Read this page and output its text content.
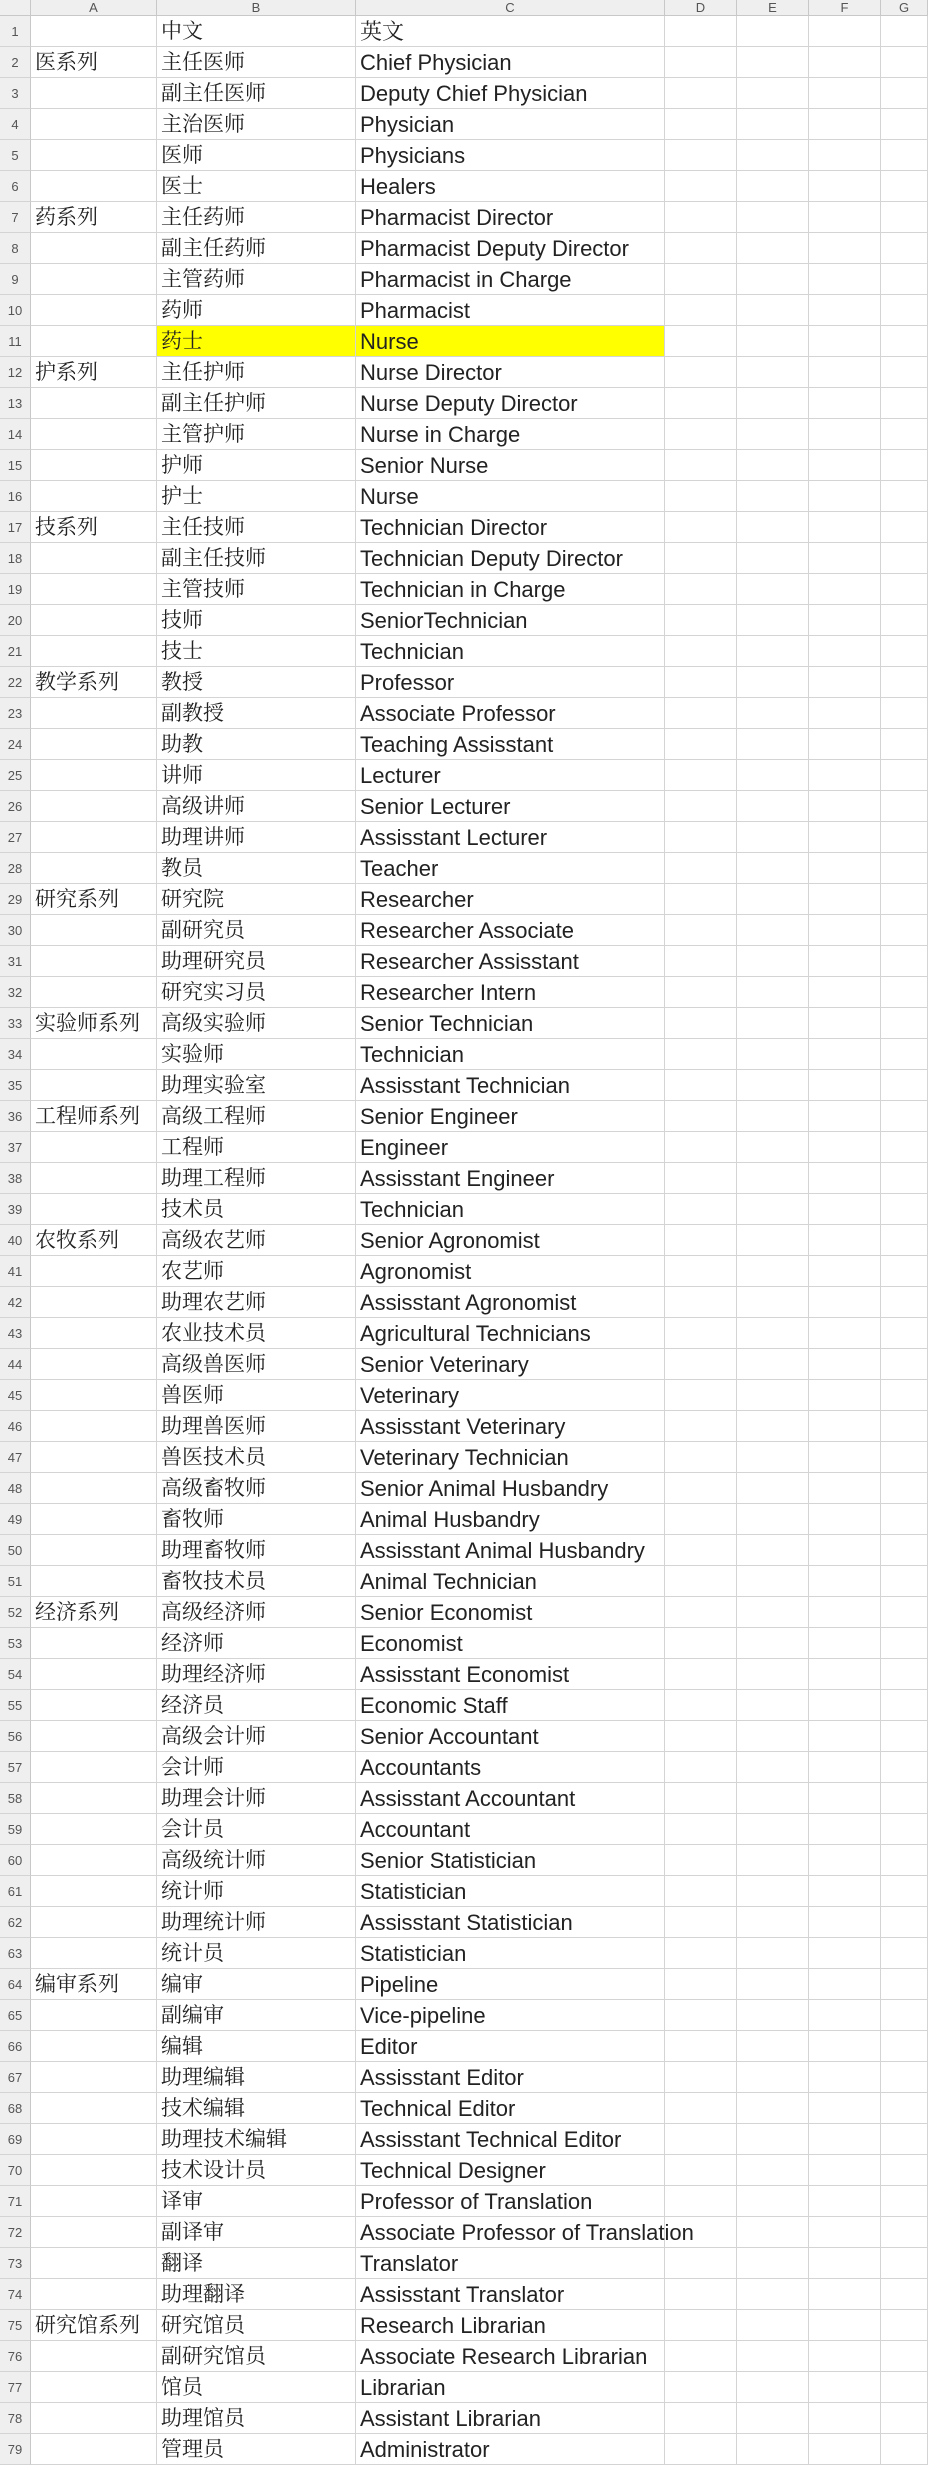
A	B	C	D	E	F	G
1	中文	英文
2 医系列	主任医师	Chief Physician
3	副主任医师	Deputy Chief Physician
4	主治医师	Physician
5	医师	Physicians
6	医士	Healers
7 药系列	主任药师	Pharmacist Director
8	副主任药师	Pharmacist Deputy Director
9	主管药师	Pharmacist in Charge
10	药师	Pharmacist
11	药士	Nurse
12 护系列	主任护师	Nurse Director
13	副主任护师	Nurse Deputy Director
14	主管护师	Nurse in Charge
15	护师	Senior Nurse
16	护士	Nurse
17 技系列	主任技师	Technician Director
18	副主任技师	Technician Deputy Director
19	主管技师	Technician in Charge
20	技师	SeniorTechnician
21	技士	Technician
22 教学系列	教授	Professor
23	副教授	Associate Professor
24	助教	Teaching Assisstant
25	讲师	Lecturer
26	高级讲师	Senior Lecturer
27	助理讲师	Assisstant Lecturer
28	教员	Teacher
29 研究系列	研究院	Researcher
30	副研究员	Researcher Associate
31	助理研究员	Researcher Assisstant
32	研究实习员	Researcher Intern
33 实验师系列	高级实验师	Senior Technician
34	实验师	Technician
35	助理实验室	Assisstant Technician
36 工程师系列	高级工程师	Senior Engineer
37	工程师	Engineer
38	助理工程师	Assisstant Engineer
39	技术员	Technician
40 农牧系列	高级农艺师	Senior Agronomist
41	农艺师	Agronomist
42	助理农艺师	Assisstant Agronomist
43	农业技术员	Agricultural Technicians
44	高级兽医师	Senior Veterinary
45	兽医师	Veterinary
46	助理兽医师	Assisstant Veterinary
47	兽医技术员	Veterinary Technician
48	高级畜牧师	Senior Animal Husbandry
49	畜牧师	Animal Husbandry
50	助理畜牧师	Assisstant Animal Husbandry
51	畜牧技术员	Animal Technician
52 经济系列	高级经济师	Senior Economist
53	经济师	Economist
54	助理经济师	Assisstant Economist
55	经济员	Economic Staff
56	高级会计师	Senior Accountant
57	会计师	Accountants
58	助理会计师	Assisstant Accountant
59	会计员	Accountant
60	高级统计师	Senior Statistician
61	统计师	Statistician
62	助理统计师	Assisstant Statistician
63	统计员	Statistician
64 编审系列	编审	Pipeline
65	副编审	Vice-pipeline
66	编辑	Editor
67	助理编辑	Assisstant Editor
68	技术编辑	Technical Editor
69	助理技术编辑	Assisstant Technical Editor
70	技术设计员	Technical Designer
71	译审	Professor of Translation
72	副译审	Associate Professor of Translation
73	翻译	Translator
74	助理翻译	Assisstant Translator
75 研究馆系列	研究馆员	Research Librarian
76	副研究馆员	Associate Research Librarian
77	馆员	Librarian
78	助理馆员	Assistant Librarian
79	管理员	Administrator
